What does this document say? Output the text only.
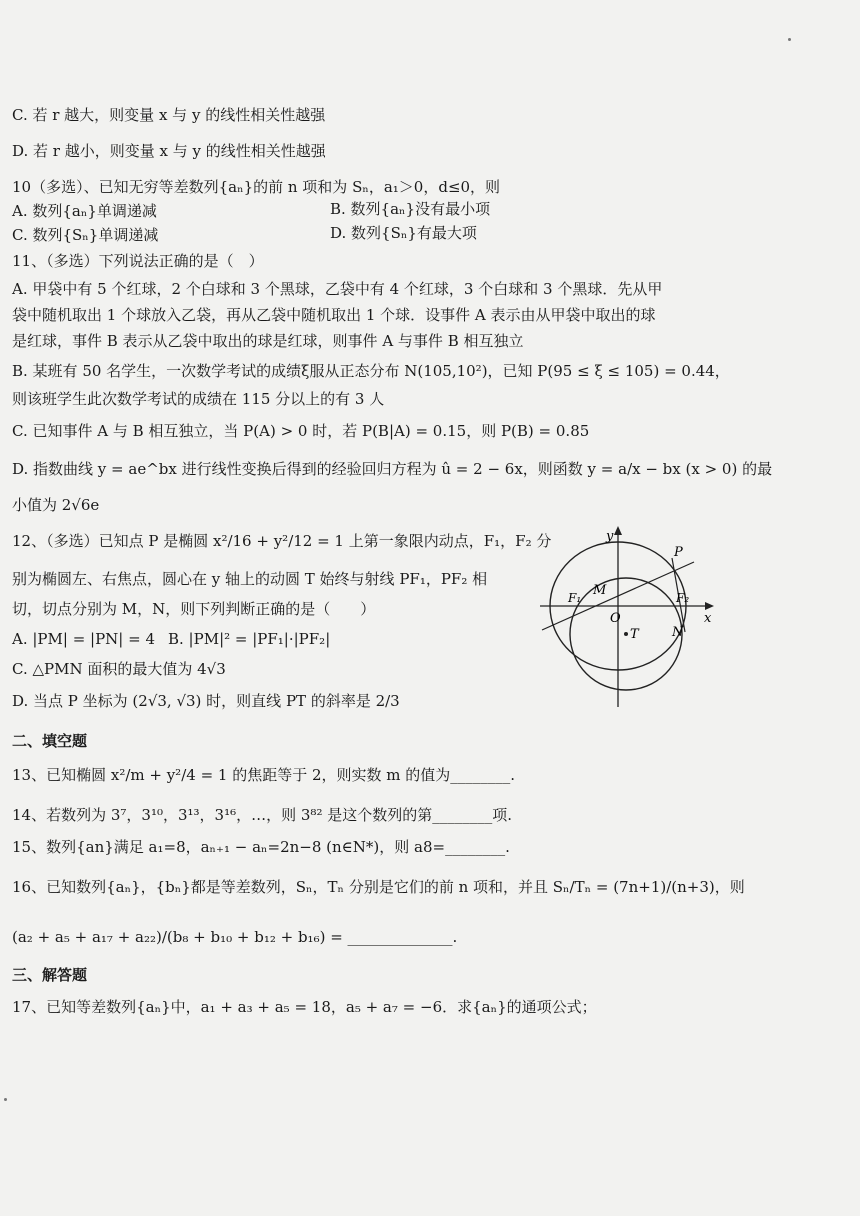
C. 若 r 越大，则变量 x 与 y 的线性相关性越强
D. 若 r 越小，则变量 x 与 y 的线性相关性越强
10（多选）、已知无穷等差数列{aₙ}的前 n 项和为 Sₙ，a₁＞0，d≤0，则
A. 数列{aₙ}单调递减	B. 数列{aₙ}没有最小项
C. 数列{Sₙ}单调递减	D. 数列{Sₙ}有最大项
11、（多选）下列说法正确的是（　）
A. 甲袋中有 5 个红球，2 个白球和 3 个黑球，乙袋中有 4 个红球，3 个白球和 3 个黑球．先从甲
袋中随机取出 1 个球放入乙袋，再从乙袋中随机取出 1 个球．设事件 A 表示由从甲袋中取出的球
是红球，事件 B 表示从乙袋中取出的球是红球，则事件 A 与事件 B 相互独立
B. 某班有 50 名学生，一次数学考试的成绩ξ服从正态分布 N(105,10²)，已知 P(95 ≤ ξ ≤ 105) = 0.44，
则该班学生此次数学考试的成绩在 115 分以上的有 3 人
C. 已知事件 A 与 B 相互独立，当 P(A) > 0 时，若 P(B|A) = 0.15，则 P(B) = 0.85
D. 指数曲线 y = ae^bx 进行线性变换后得到的经验回归方程为 û = 2 − 6x，则函数 y = a/x − bx (x > 0) 的最
小值为 2√6e
12、（多选）已知点 P 是椭圆 x²/16 + y²/12 = 1 上第一象限内动点，F₁，F₂ 分
别为椭圆左、右焦点，圆心在 y 轴上的动圆 T 始终与射线 PF₁，PF₂ 相
切，切点分别为 M，N，则下列判断正确的是（　　）
A. |PM| = |PN| = 4 B. |PM|² = |PF₁|·|PF₂|
C. △PMN 面积的最大值为 4√3
D. 当点 P 坐标为 (2√3, √3) 时，则直线 PT 的斜率是 2/3
y
x
P
M
F₁	F₂
O
T	N
二、填空题
13、已知椭圆 x²/m + y²/4 = 1 的焦距等于 2，则实数 m 的值为________.
14、若数列为 3⁷，3¹⁰，3¹³，3¹⁶，…，则 3⁸² 是这个数列的第________项.
15、数列{an}满足 a₁=8，aₙ₊₁ − aₙ=2n−8 (n∈N*)，则 a8=________.
16、已知数列{aₙ}，{bₙ}都是等差数列，Sₙ，Tₙ 分别是它们的前 n 项和，并且 Sₙ/Tₙ = (7n+1)/(n+3)，则
(a₂ + a₅ + a₁₇ + a₂₂)/(b₈ + b₁₀ + b₁₂ + b₁₆) = ______________.
三、解答题
17、已知等差数列{aₙ}中，a₁ + a₃ + a₅ = 18，a₅ + a₇ = −6．求{aₙ}的通项公式；
